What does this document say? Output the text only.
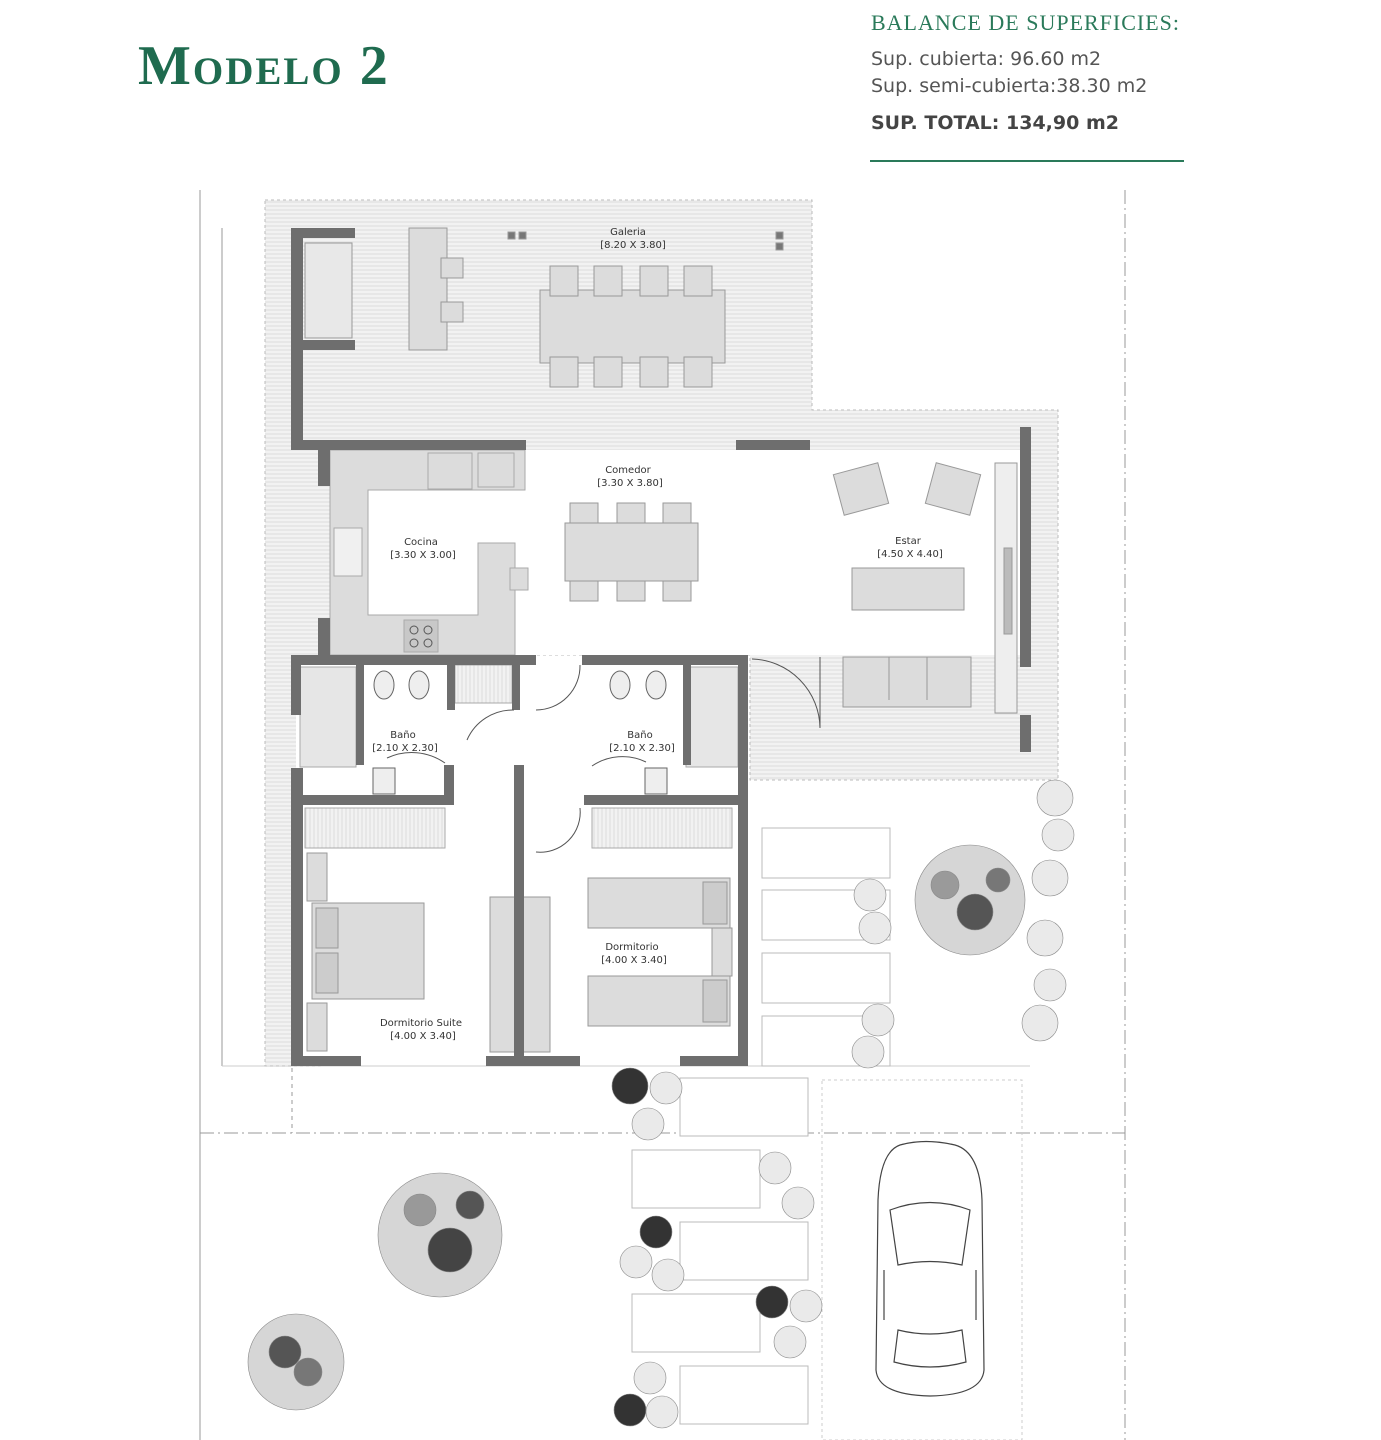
Modelo 2

BALANCE DE SUPERFICIES:

Sup. cubierta: 96.60 m2

Sup. semi-cubierta:38.30 m2

SUP. TOTAL: 134,90 m2

Galeria
[8.20 X 3.80]
Comedor
[3.30 X 3.80]
Cocina
[3.30 X 3.00]
Estar
[4.50 X 4.40]
Baño
[2.10 X 2.30]
Baño
[2.10 X 2.30]
Dormitorio
[4.00 X 3.40]
Dormitorio Suite
[4.00 X 3.40]
